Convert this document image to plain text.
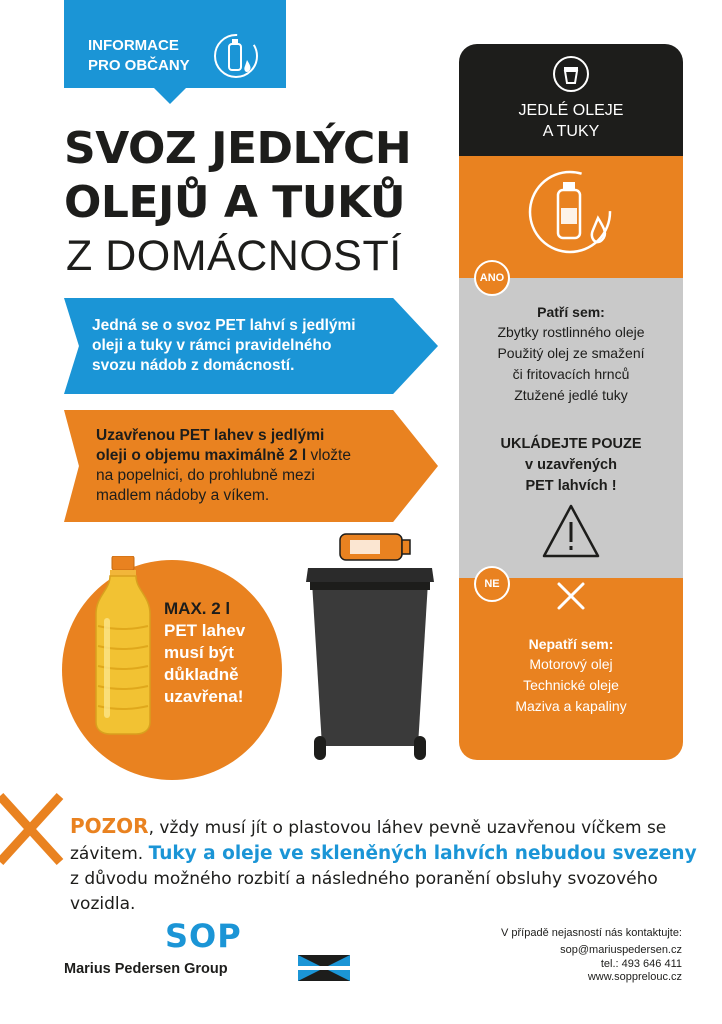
INFORMACE
PRO OBČANY
SVOZ JEDLÝCH
OLEJŮ A TUKŮ
Z DOMÁCNOSTÍ
Jedná se o svoz PET lahví s jedlými
oleji a tuky v rámci pravidelného
svozu nádob z domácností.
Uzavřenou PET lahev s jedlými
oleji o objemu maximálně 2 l vložte
na popelnici, do prohlubně mezi
madlem nádoby a víkem.
MAX. 2 l
PET lahev
musí být
důkladně
uzavřena!
JEDLÉ OLEJE
A TUKY
ANO
Patří sem:
Zbytky rostlinného oleje
Použitý olej ze smažení
či fritovacích hrnců
Ztužené jedlé tuky
UKLÁDEJTE POUZE
v uzavřených
PET lahvích !
NE
Nepatří sem:
Motorový olej
Technické oleje
Maziva a kapaliny
POZOR, vždy musí jít o plastovou láhev pevně uzavřenou víčkem se závitem. Tuky a oleje ve skleněných lahvích nebudou svezeny z důvodu možného rozbití a následného poranění obsluhy svozového vozidla.
SOP
Marius Pedersen Group
V případě nejasností nás kontaktujte:
sop@mariuspedersen.cz
tel.: 493 646 411
www.sopprelouc.cz
